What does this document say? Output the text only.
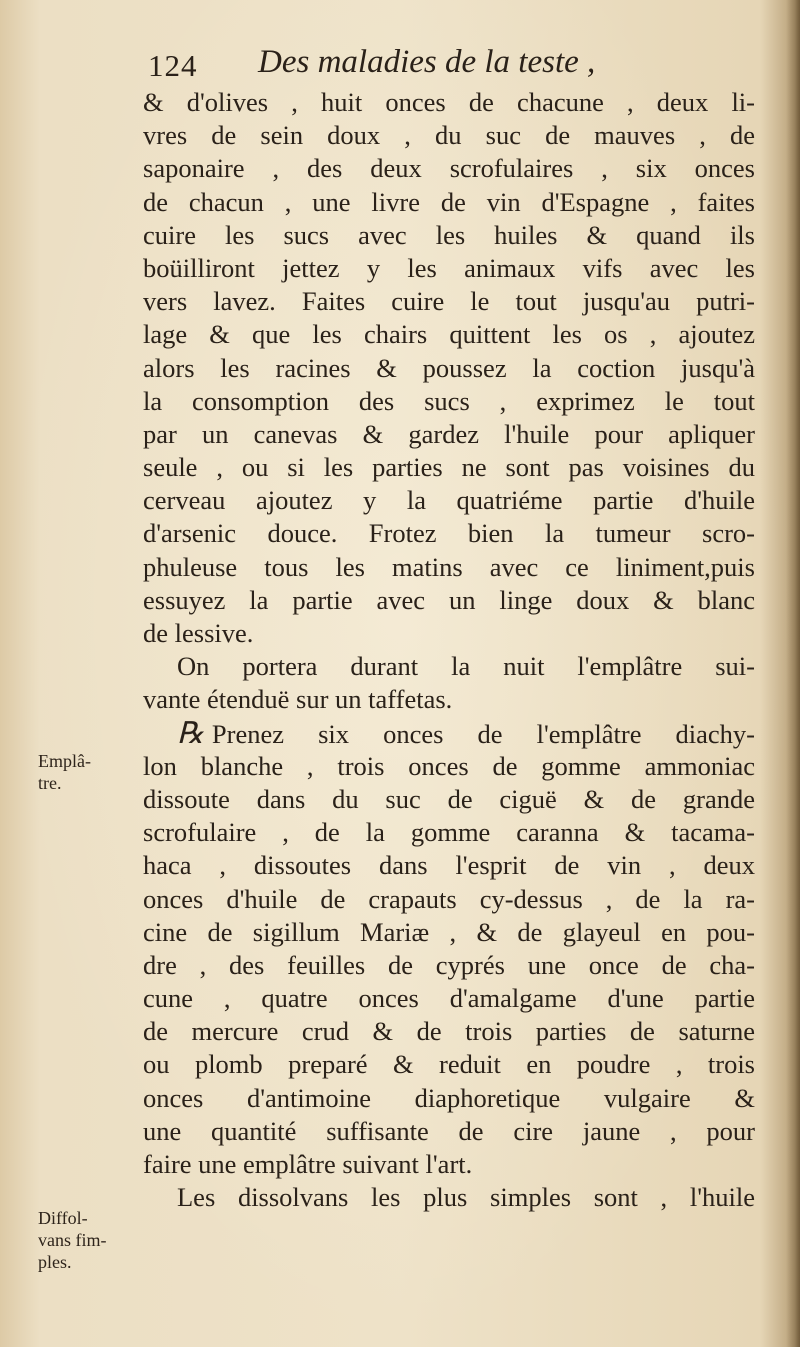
124 Des maladies de la teste ,
& d'olives , huit onces de chacune , deux li-
vres de sein doux , du suc de mauves , de
saponaire , des deux scrofulaires , six onces
de chacun , une livre de vin d'Espagne , faites
cuire les sucs avec les huiles & quand ils
boüilliront jettez y les animaux vifs avec les
vers lavez. Faites cuire le tout jusqu'au putri-
lage & que les chairs quittent les os , ajoutez
alors les racines & poussez la coction jusqu'à
la consomption des sucs , exprimez le tout
par un canevas & gardez l'huile pour apliquer
seule , ou si les parties ne sont pas voisines du
cerveau ajoutez y la quatriéme partie d'huile
d'arsenic douce. Frotez bien la tumeur scro-
phuleuse tous les matins avec ce liniment,puis
essuyez la partie avec un linge doux & blanc
de lessive.
On portera durant la nuit l'emplâtre sui-
vante étenduë sur un taffetas.
℞ Prenez six onces de l'emplâtre diachy-
lon blanche , trois onces de gomme ammoniac
dissoute dans du suc de ciguë & de grande
scrofulaire , de la gomme caranna & tacama-
haca , dissoutes dans l'esprit de vin , deux
onces d'huile de crapauts cy-dessus , de la ra-
cine de sigillum Mariæ , & de glayeul en pou-
dre , des feuilles de cyprés une once de cha-
cune , quatre onces d'amalgame d'une partie
de mercure crud & de trois parties de saturne
ou plomb preparé & reduit en poudre , trois
onces d'antimoine diaphoretique vulgaire &
une quantité suffisante de cire jaune , pour
faire une emplâtre suivant l'art.
Les dissolvans les plus simples sont , l'huile
Emplâ-
tre.
Diffol-
vans fim-
ples.
